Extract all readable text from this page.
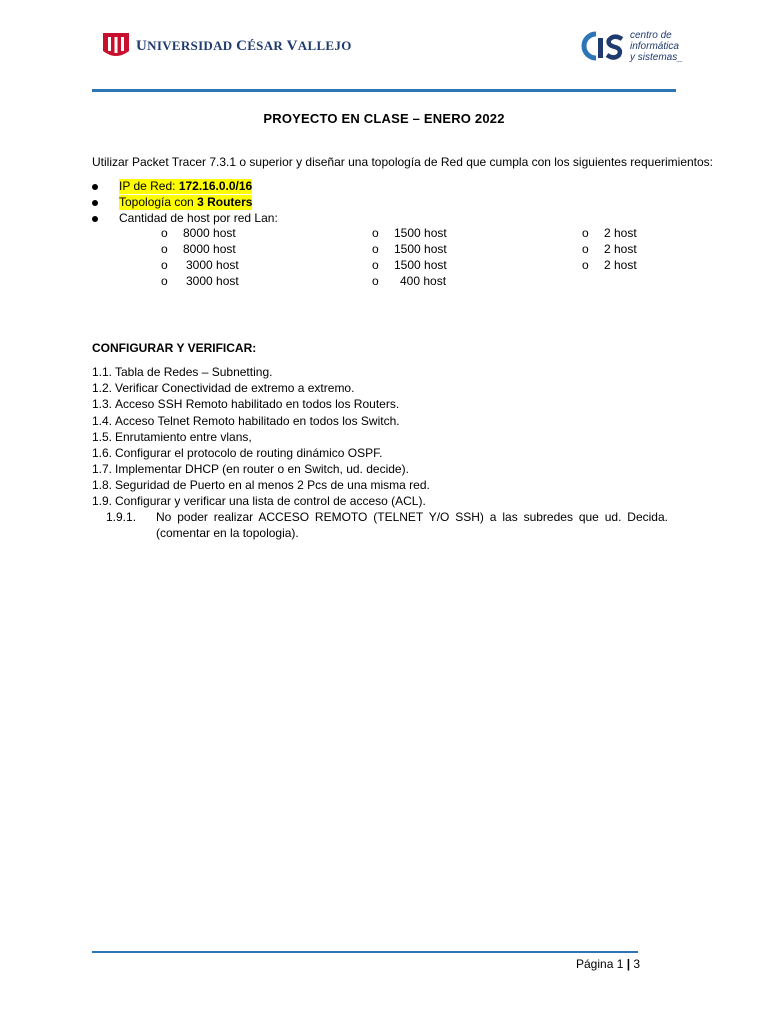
UNIVERSIDAD CÉSAR VALLEJO
centro de
informática
y sistemas_
PROYECTO EN CLASE – ENERO 2022
Utilizar Packet Tracer 7.3.1 o superior y diseñar una topología de Red que cumpla con los siguientes requerimientos:
IP de Red: 172.16.0.0/16
Topología con 3 Routers
Cantidad de host por red Lan:
o 8000 host
o 8000 host
o 3000 host
o 3000 host
o 1500 host
o 1500 host
o 1500 host
o 400 host
o 2 host
o 2 host
o 2 host
CONFIGURAR Y VERIFICAR:
1.1. Tabla de Redes – Subnetting.
1.2. Verificar Conectividad de extremo a extremo.
1.3. Acceso SSH Remoto habilitado en todos los Routers.
1.4. Acceso Telnet Remoto habilitado en todos los Switch.
1.5. Enrutamiento entre vlans,
1.6. Configurar el protocolo de routing dinámico OSPF.
1.7. Implementar DHCP (en router o en Switch, ud. decide).
1.8. Seguridad de Puerto en al menos 2 Pcs de una misma red.
1.9. Configurar y verificar una lista de control de acceso (ACL).
1.9.1. No poder realizar ACCESO REMOTO (TELNET Y/O SSH) a las subredes que ud. Decida. (comentar en la topologia).
Página 1 | 3
